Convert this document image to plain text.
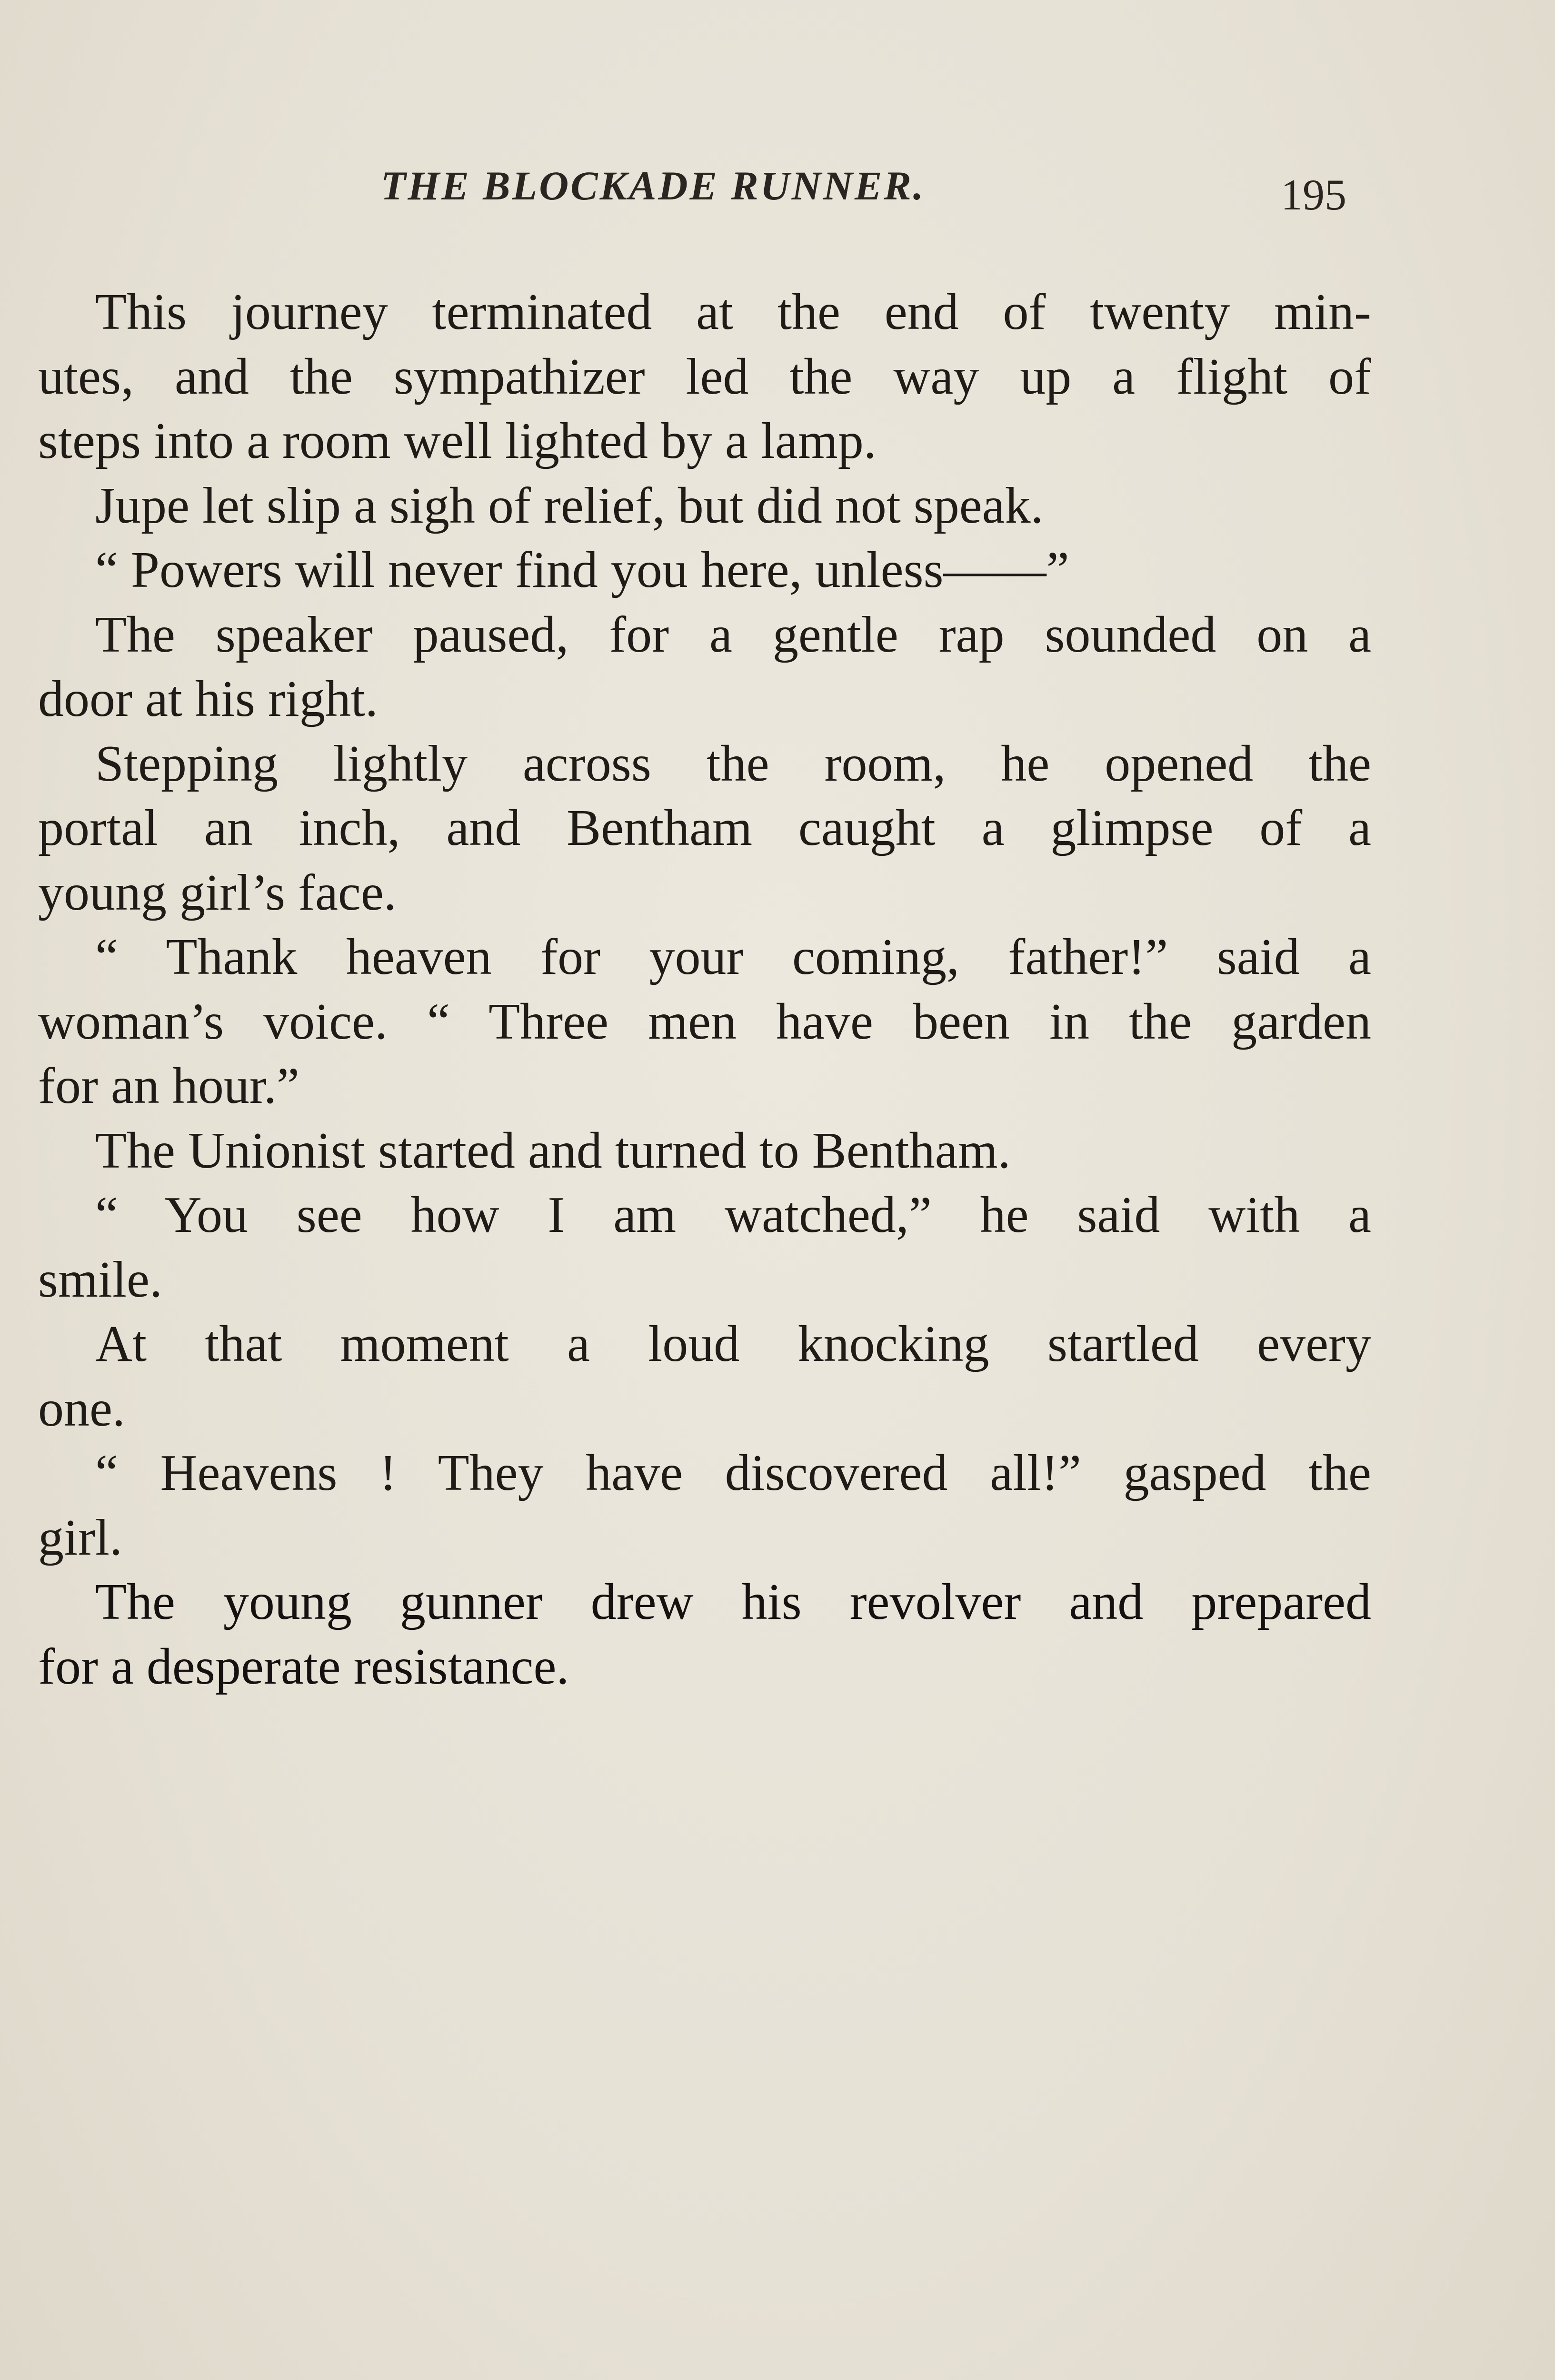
THE BLOCKADE RUNNER.	195
This journey terminated at the end of twenty min-
utes, and the sympathizer led the way up a flight of
steps into a room well lighted by a lamp.
Jupe let slip a sigh of relief, but did not speak.
“ Powers will never find you here, unless——”
The speaker paused, for a gentle rap sounded on a
door at his right.
Stepping lightly across the room, he opened the
portal an inch, and Bentham caught a glimpse of a
young girl’s face.
“ Thank heaven for your coming, father!” said a
woman’s voice. “ Three men have been in the garden
for an hour.”
The Unionist started and turned to Bentham.
“ You see how I am watched,” he said with a
smile.
At that moment a loud knocking startled every
one.
“ Heavens ! They have discovered all!” gasped the
girl.
The young gunner drew his revolver and prepared
for a desperate resistance.
